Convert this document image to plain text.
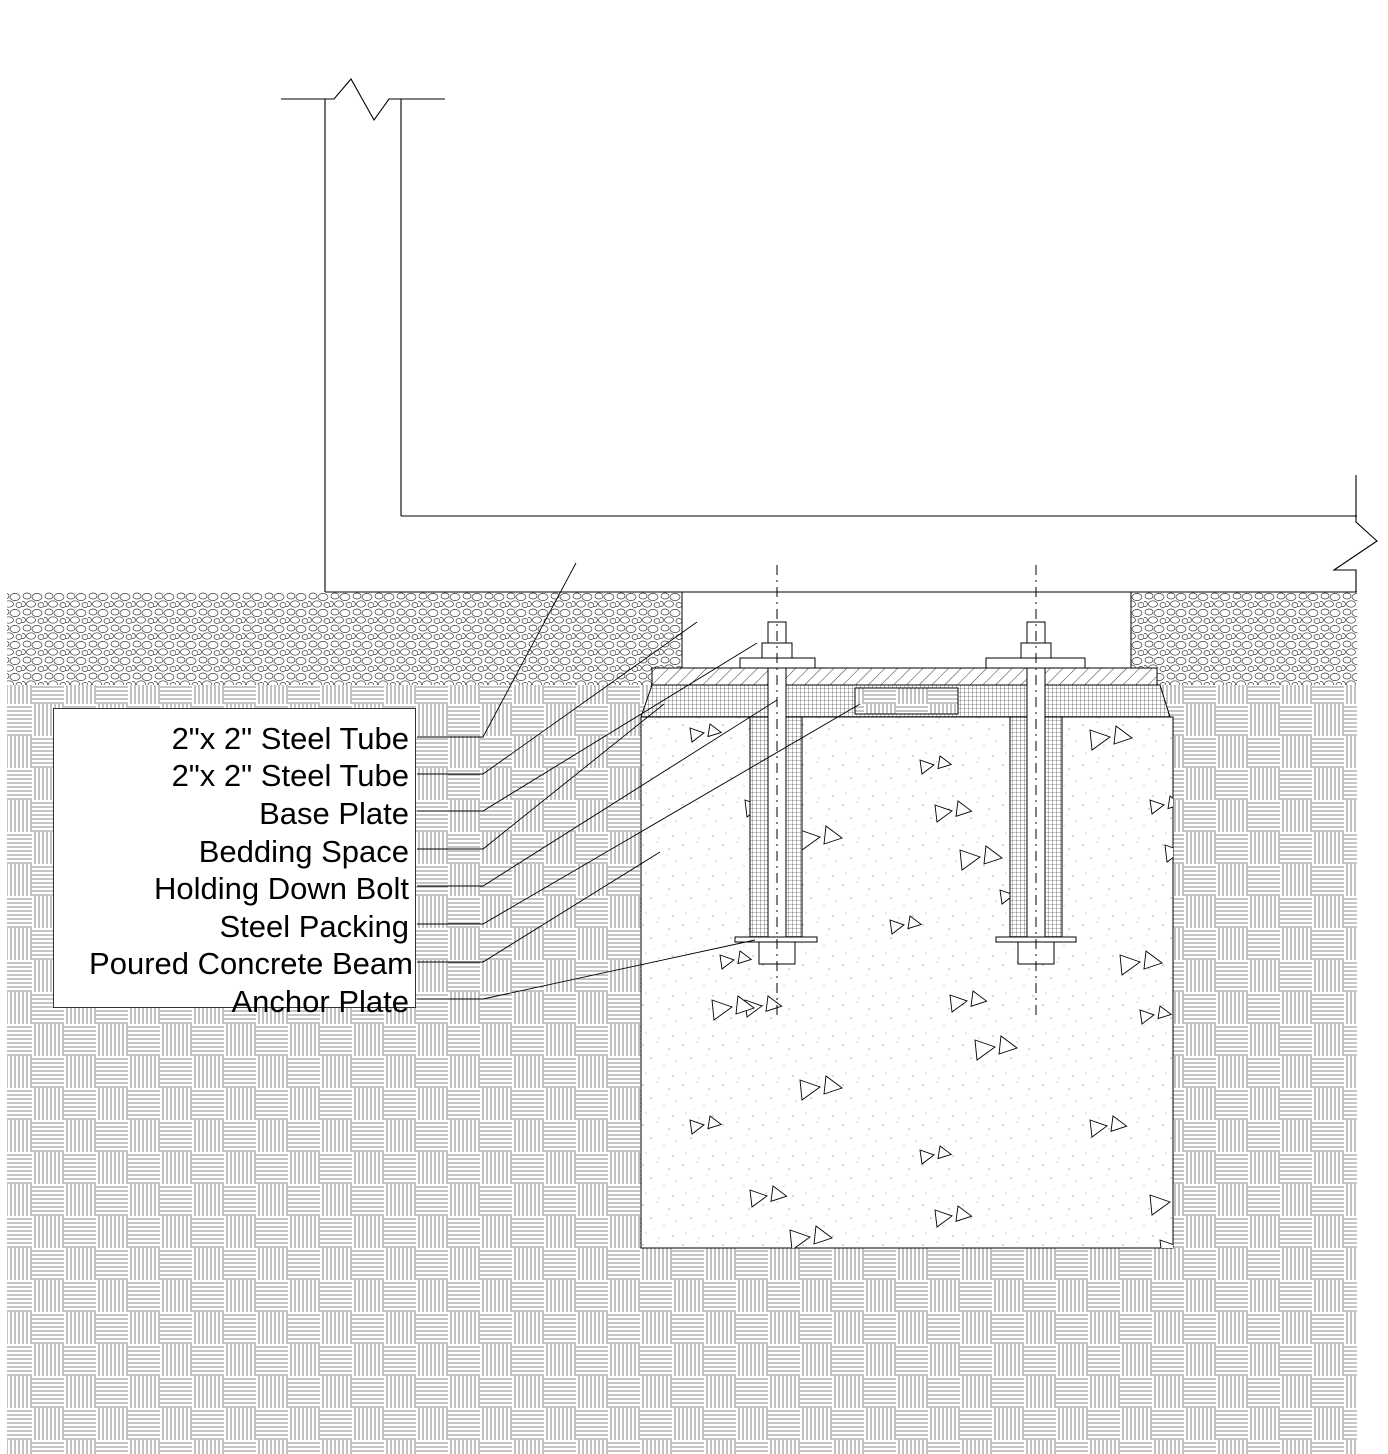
2"x 2" Steel Tube
2"x 2" Steel Tube
Base Plate
Bedding Space
Holding Down Bolt
Steel Packing
Poured Concrete Beam
Anchor Plate
